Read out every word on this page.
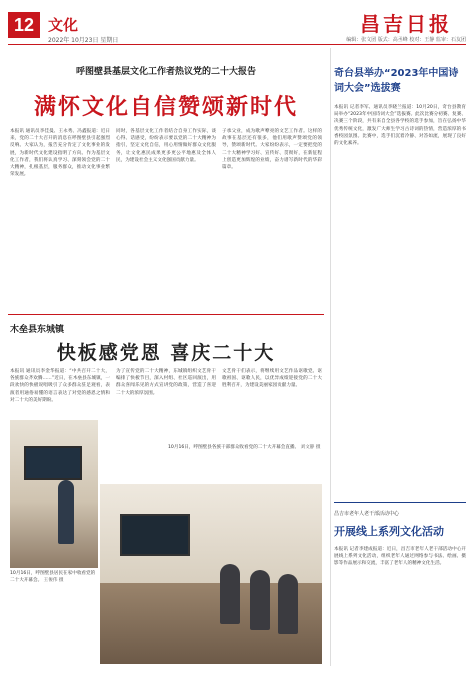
12 文化
2022年 10月23日 星期日
昌吉日报
编辑：张文团 版式：高丞峰 校对：王静 监审：石友团
呼图壁县基层文化工作者热议党的二十大报告
满怀文化自信赞颂新时代
本报讯 通讯员李佳曼、王永秀、冯鑫报道：近日来，党的二十大召开的消息在呼图壁县引起强烈反响。大家认为，报告充分肯定了文化事业的发展，为新时代文化建设指明了方向。作为基层文化工作者，我们将认真学习、深刻领会党的二十大精神，扎根基层，服务群众，推动文化事业繁荣发展。
同时，各基层文化工作者结合自身工作实际，谈心得、话感受，纷纷表示要以党的二十大精神为指引，坚定文化自信，用心用情做好群众文化服务，让文化惠民成果更多更公平地惠及全体人民，为建设社会主义文化强国贡献力量。
子承父业，成为歌声嘹亮的文艺工作者。这样的故事在基层还有很多，他们用歌声赞颂党的领导，赞颂新时代。大家纷纷表示，一定要把党的二十大精神学习好、宣传好、贯彻好，在新征程上创造更加辉煌的业绩，奋力谱写新时代的华彩篇章。
木垒县东城镇
快板感党恩 喜庆二十大
本报讯 通讯员李金华报道：“中共召开二十大，各族群众齐欢腾……”近日，在木垒县东城镇，一段欢快的快板说唱吸引了众多群众驻足观看，表演者用通俗易懂的语言表达了对党的感恩之情和对二十大的美好期盼。
为了宣传党的二十大精神，东城镇组织文艺骨干编排了快板节目，深入村组、社区巡回演出，用群众喜闻乐见的方式宣讲党的政策，营造了喜迎二十大的浓厚氛围。
文艺骨干们表示，将继续用文艺作品讴歌党、讴歌祖国、讴歌人民，以优异成绩迎接党的二十大胜利召开，为建设美丽家园贡献力量。
10月16日，呼图壁县居民在家中收看党的二十大开幕会。 王俊伟 摄
10月16日，呼图壁县各族干部群众收看党的二十大开幕会直播。 刘文静 摄
奇台县举办“2023年中国诗词大会”选拔赛
本报讯 记者李军、通讯员李晓兰报道：10月20日，奇台县教育局举办“2023年中国诗词大会”选拔赛。此次比赛分初赛、复赛、决赛三个阶段，共有来自全县各学校的选手参加，旨在弘扬中华优秀传统文化，激发广大师生学习古诗词的热情，营造浓厚的书香校园氛围。比赛中，选手们沉着冷静、对答如流，展现了良好的文化素养。
昌吉市老年人老干部活动中心
开展线上系列文化活动
本报讯 记者李建成报道：近日，昌吉市老年人老干部活动中心开展线上系列文化活动，组织老年人通过网络参与书法、绘画、摄影等作品展示和交流，丰富了老年人的精神文化生活。
